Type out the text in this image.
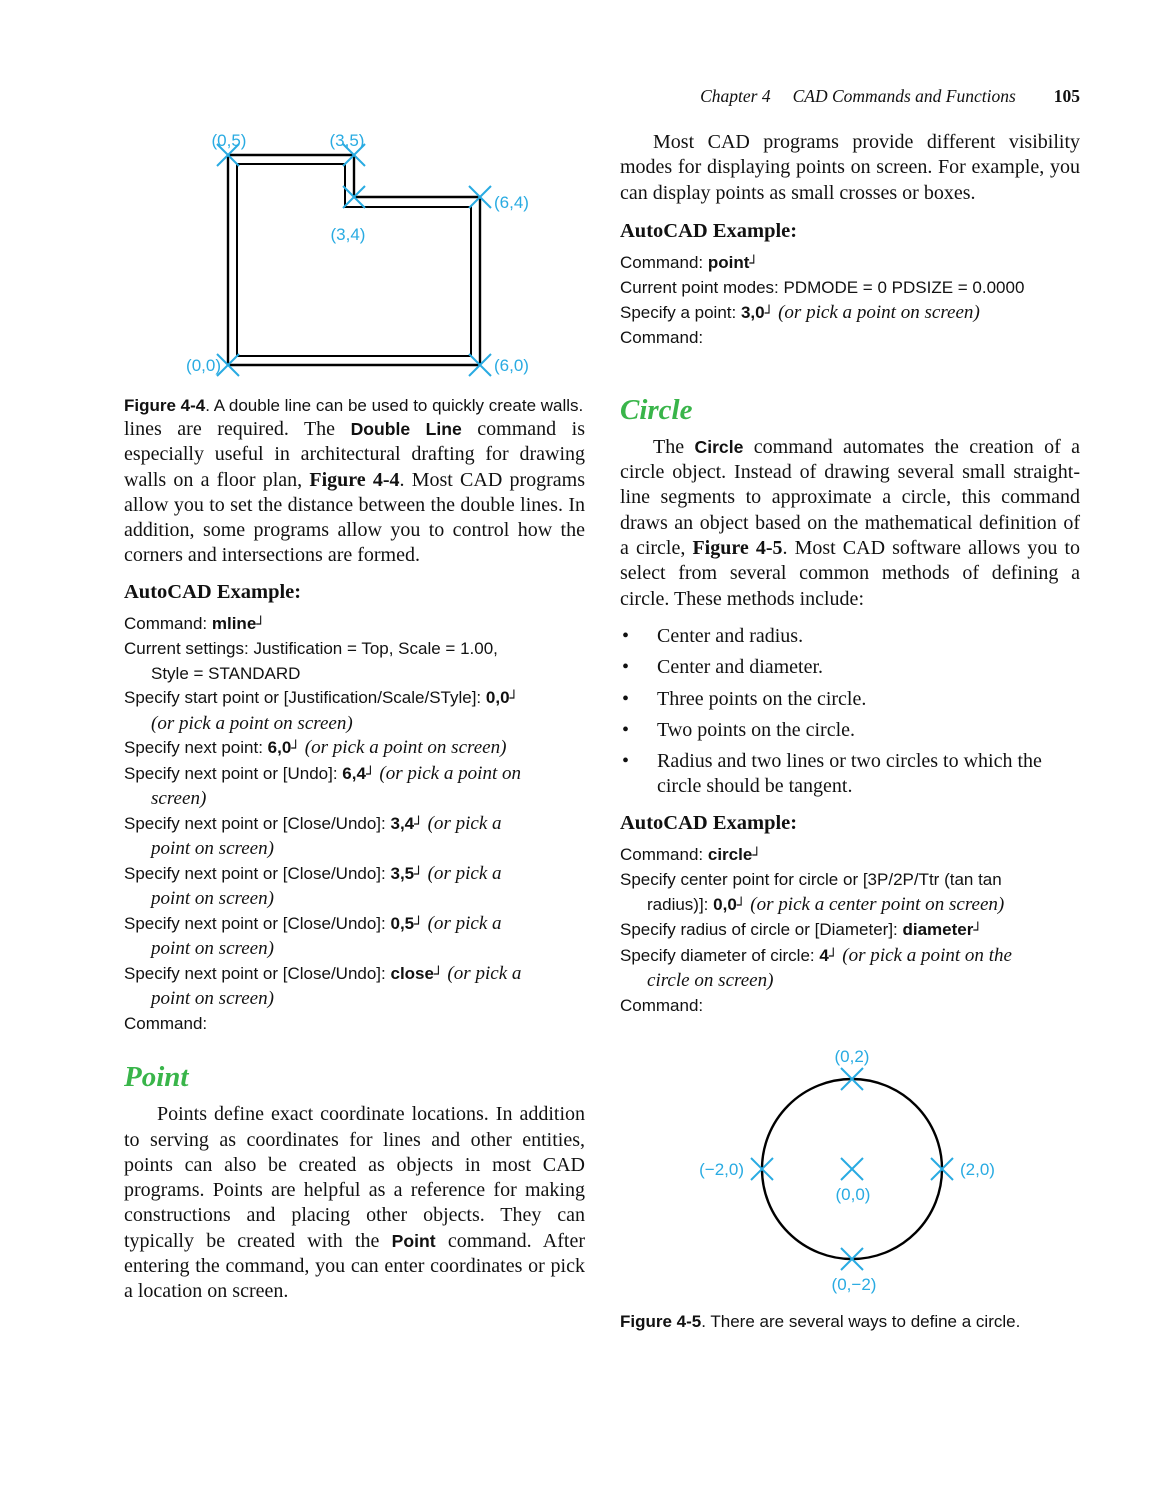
Chapter 4 CAD Commands and Functions 105
(0,5)	(3,5)
(6,4)
(3,4)
(0,0)	(6,0)
Figure 4-4. A double line can be used to quickly create walls.

lines are required. The Double Line command is especially useful in architectural drafting for drawing walls on a floor plan, Figure 4-4. Most CAD programs allow you to set the distance between the double lines. In addition, some programs allow you to control how the corners and intersections are formed.

AutoCAD Example:
Command: mline┘
Current settings: Justification = Top, Scale = 1.00,
Style = STANDARD
Specify start point or [Justification/Scale/STyle]: 0,0┘
(or pick a point on screen)
Specify next point: 6,0┘ (or pick a point on screen)
Specify next point or [Undo]: 6,4┘ (or pick a point on
screen)
Specify next point or [Close/Undo]: 3,4┘ (or pick a
point on screen)
Specify next point or [Close/Undo]: 3,5┘ (or pick a
point on screen)
Specify next point or [Close/Undo]: 0,5┘ (or pick a
point on screen)
Specify next point or [Close/Undo]: close┘ (or pick a
point on screen)
Command:
Point

Points define exact coordinate locations. In addition to serving as coordinates for lines and other entities, points can also be created as objects in most CAD programs. Points are helpful as a reference for making constructions and placing other objects. They can typically be created with the Point command. After entering the command, you can enter coordinates or pick a location on screen.

Most CAD programs provide different visibility modes for displaying points on screen. For example, you can display points as small crosses or boxes.

AutoCAD Example:
Command: point┘
Current point modes: PDMODE = 0 PDSIZE = 0.0000
Specify a point: 3,0┘ (or pick a point on screen)
Command:
Circle

The Circle command automates the creation of a circle object. Instead of drawing several small straight-line segments to approximate a circle, this command draws an object based on the mathematical definition of a circle, Figure 4-5. Most CAD software allows you to select from several common methods of defining a circle. These methods include:

• Center and radius.
• Center and diameter.
• Three points on the circle.
• Two points on the circle.
• Radius and two lines or two circles to which the circle should be tangent.
AutoCAD Example:
Command: circle┘
Specify center point for circle or [3P/2P/Ttr (tan tan
radius)]: 0,0┘ (or pick a center point on screen)
Specify radius of circle or [Diameter]: diameter┘
Specify diameter of circle: 4┘ (or pick a point on the
circle on screen)
Command:
(0,2)
(−2,0)	(2,0)
(0,0)
(0,−2)
Figure 4-5. There are several ways to define a circle.
